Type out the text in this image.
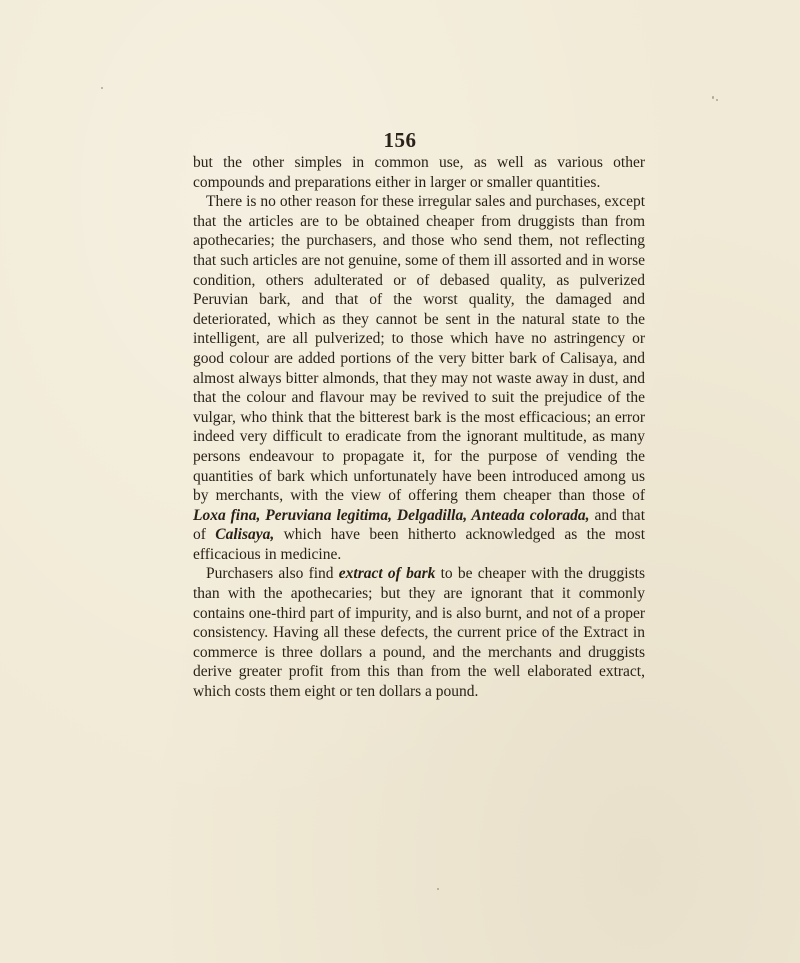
156

but the other simples in common use, as well as various other compounds and preparations either in larger or smaller quantities.

There is no other reason for these irregular sales and purchases, except that the articles are to be obtained cheaper from druggists than from apothecaries; the purchasers, and those who send them, not reflecting that such articles are not genuine, some of them ill assorted and in worse condition, others adulterated or of debased quality, as pulverized Peruvian bark, and that of the worst quality, the damaged and deteriorated, which as they cannot be sent in the natural state to the intelligent, are all pulverized; to those which have no astringency or good colour are added portions of the very bitter bark of Calisaya, and almost always bitter almonds, that they may not waste away in dust, and that the colour and flavour may be revived to suit the prejudice of the vulgar, who think that the bitterest bark is the most efficacious; an error indeed very difficult to eradicate from the ignorant multitude, as many persons endeavour to propagate it, for the purpose of vending the quantities of bark which unfortunately have been introduced among us by merchants, with the view of offering them cheaper than those of Loxa fina, Peruviana legitima, Delgadilla, Anteada colorada, and that of Calisaya, which have been hitherto acknowledged as the most efficacious in medicine.

Purchasers also find extract of bark to be cheaper with the druggists than with the apothecaries; but they are ignorant that it commonly contains one-third part of impurity, and is also burnt, and not of a proper consistency. Having all these defects, the current price of the Extract in commerce is three dollars a pound, and the merchants and druggists derive greater profit from this than from the well elaborated extract, which costs them eight or ten dollars a pound.
